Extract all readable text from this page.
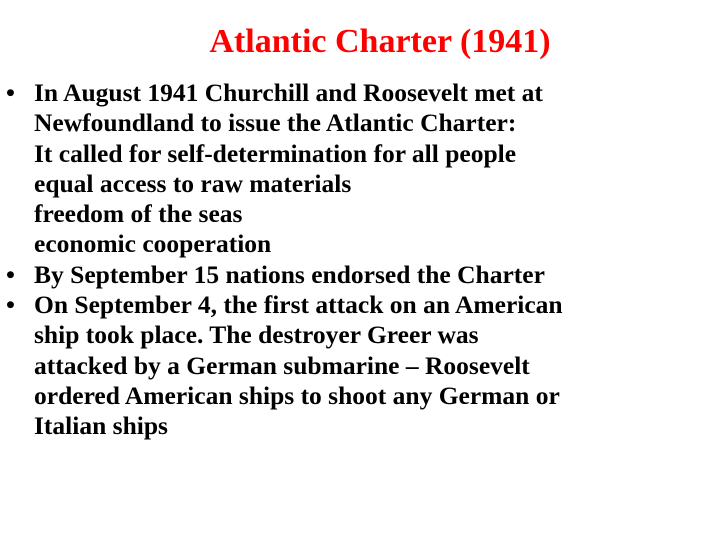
Atlantic Charter (1941)
• In August 1941 Churchill and Roosevelt met at
Newfoundland to issue the Atlantic Charter:
It called for self-determination for all people
equal access to raw materials
freedom of the seas
economic cooperation
• By September 15 nations endorsed the Charter
• On September 4, the first attack on an American
ship took place. The destroyer Greer was
attacked by a German submarine – Roosevelt
ordered American ships to shoot any German or
Italian ships
